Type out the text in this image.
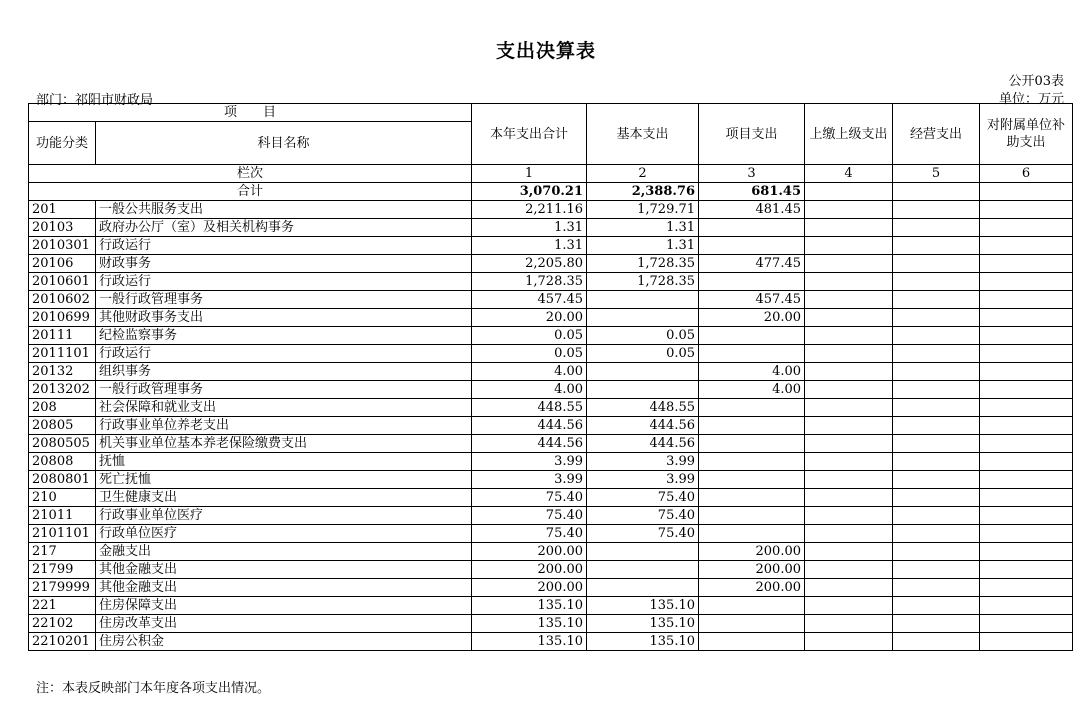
支出决算表
公开03表
单位：万元
部门：祁阳市财政局
项　　目		本年支出合计	基本支出	项目支出	上缴上级支出	经营支出	对附属单位补助支出
功能分类	科目名称						
栏次		1	2	3	4	5	6
合计		3,070.21	2,388.76	681.45			
201	一般公共服务支出	2,211.16	1,729.71	481.45			
20103	政府办公厅（室）及相关机构事务	1.31	1.31				
2010301	行政运行	1.31	1.31				
20106	财政事务	2,205.80	1,728.35	477.45			
2010601	行政运行	1,728.35	1,728.35				
2010602	一般行政管理事务	457.45		457.45			
2010699	其他财政事务支出	20.00		20.00			
20111	纪检监察事务	0.05	0.05				
2011101	行政运行	0.05	0.05				
20132	组织事务	4.00		4.00			
2013202	一般行政管理事务	4.00		4.00			
208	社会保障和就业支出	448.55	448.55				
20805	行政事业单位养老支出	444.56	444.56				
2080505	机关事业单位基本养老保险缴费支出	444.56	444.56				
20808	抚恤	3.99	3.99				
2080801	死亡抚恤	3.99	3.99				
210	卫生健康支出	75.40	75.40				
21011	行政事业单位医疗	75.40	75.40				
2101101	行政单位医疗	75.40	75.40				
217	金融支出	200.00		200.00			
21799	其他金融支出	200.00		200.00			
2179999	其他金融支出	200.00		200.00			
221	住房保障支出	135.10	135.10				
22102	住房改革支出	135.10	135.10				
2210201	住房公积金	135.10	135.10				
注：本表反映部门本年度各项支出情况。
